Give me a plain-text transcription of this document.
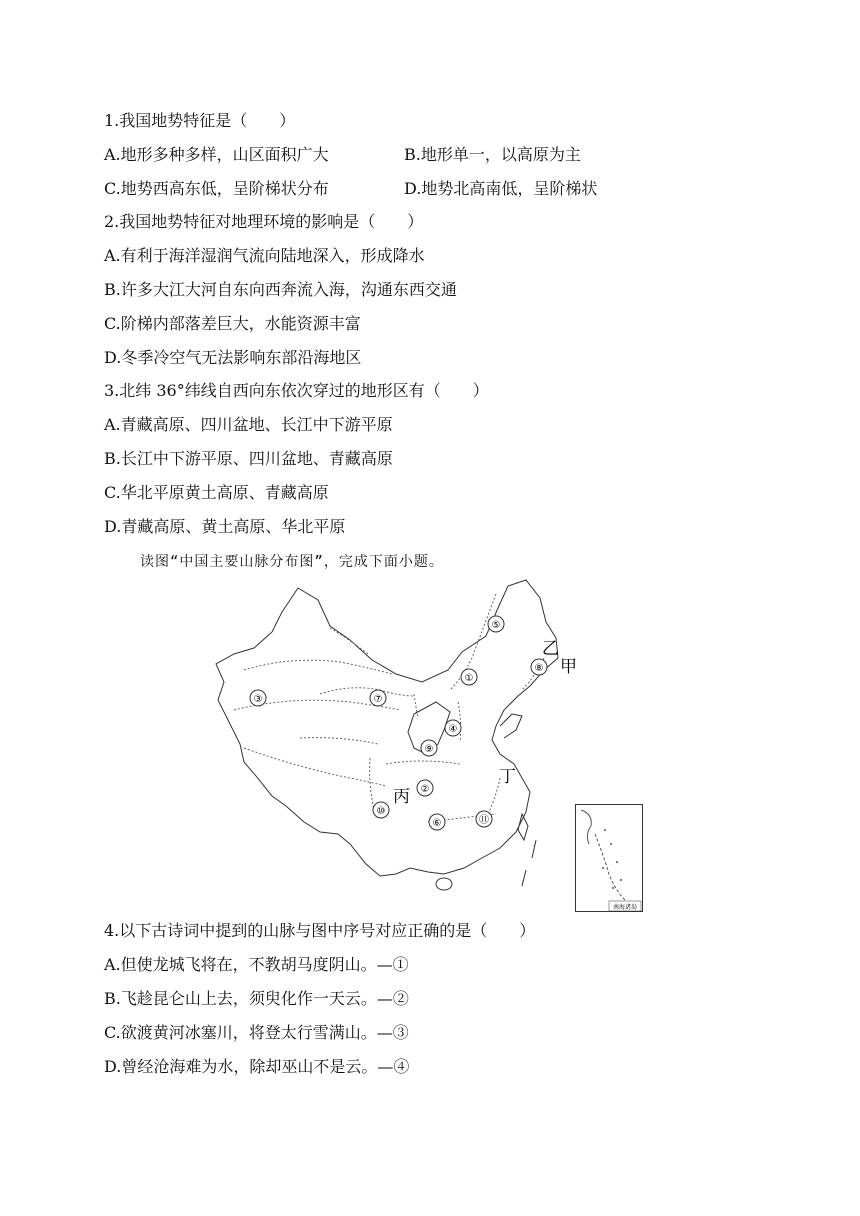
1.我国地势特征是（　　）
A.地形多种多样，山区面积广大	B.地形单一，以高原为主
C.地势西高东低，呈阶梯状分布	D.地势北高南低，呈阶梯状
2.我国地势特征对地理环境的影响是（　　）
A.有利于海洋湿润气流向陆地深入，形成降水
B.许多大江大河自东向西奔流入海，沟通东西交通
C.阶梯内部落差巨大，水能资源丰富
D.冬季冷空气无法影响东部沿海地区
3.北纬 36°纬线自西向东依次穿过的地形区有（　　）
A.青藏高原、四川盆地、长江中下游平原
B.长江中下游平原、四川盆地、青藏高原
C.华北平原黄土高原、青藏高原
D.青藏高原、黄土高原、华北平原
读图“中国主要山脉分布图”，完成下面小题。
①
②
③
④
⑤
⑦
⑧
⑨
⑩
⑥	⑪
乙
甲
丙
丁
南海诸岛
4.以下古诗词中提到的山脉与图中序号对应正确的是（　　）
A.但使龙城飞将在，不教胡马度阴山。—①
B.飞趁昆仑山上去，须臾化作一天云。—②
C.欲渡黄河冰塞川，将登太行雪满山。—③
D.曾经沧海难为水，除却巫山不是云。—④
